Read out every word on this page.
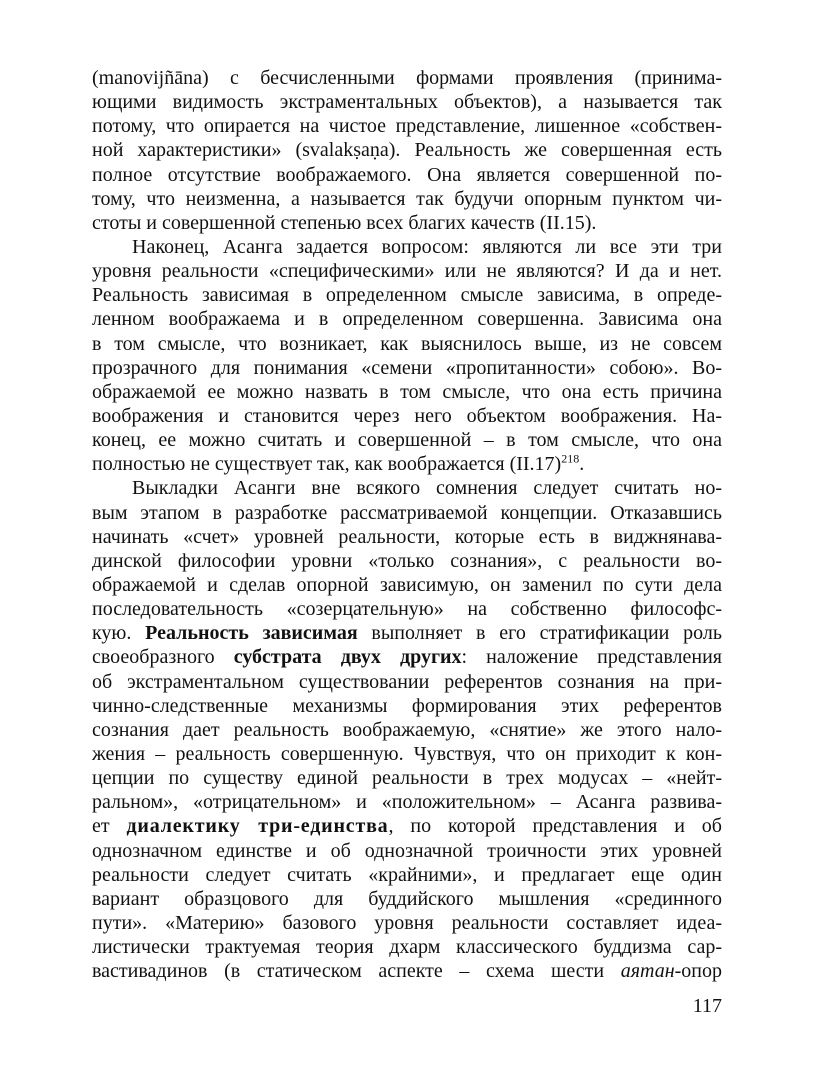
(manovijñāna) с бесчисленными формами проявления (принима-
ющими видимость экстраментальных объектов), а называется так
потому, что опирается на чистое представление, лишенное «собствен-
ной характеристики» (svalakṣaṇa). Реальность же совершенная есть
полное отсутствие воображаемого. Она является совершенной по-
тому, что неизменна, а называется так будучи опорным пунктом чи-
стоты и совершенной степенью всех благих качеств (II.15).
Наконец, Асанга задается вопросом: являются ли все эти три
уровня реальности «специфическими» или не являются? И да и нет.
Реальность зависимая в определенном смысле зависима, в опреде-
ленном воображаема и в определенном совершенна. Зависима она
в том смысле, что возникает, как выяснилось выше, из не совсем
прозрачного для понимания «семени «пропитанности» собою». Во-
ображаемой ее можно назвать в том смысле, что она есть причина
воображения и становится через него объектом воображения. На-
конец, ее можно считать и совершенной – в том смысле, что она
полностью не существует так, как воображается $(II.17)^{218}$.
Выкладки Асанги вне всякого сомнения следует считать но-
вым этапом в разработке рассматриваемой концепции. Отказавшись
начинать «счет» уровней реальности, которые есть в виджнянава-
динской философии уровни «только сознания», с реальности во-
ображаемой и сделав опорной зависимую, он заменил по сути дела
последовательность «созерцательную» на собственно философс-
кую. Реальность зависимая выполняет в его стратификации роль
своеобразного субстрата двух других: наложение представления
об экстраментальном существовании референтов сознания на при-
чинно-следственные механизмы формирования этих референтов
сознания дает реальность воображаемую, «снятие» же этого нало-
жения – реальность совершенную. Чувствуя, что он приходит к кон-
цепции по существу единой реальности в трех модусах – «нейт-
ральном», «отрицательном» и «положительном» – Асанга развива-
ет диалектику три-единства, по которой представления и об
однозначном единстве и об однозначной троичности этих уровней
реальности следует считать «крайними», и предлагает еще один
вариант образцового для буддийского мышления «срединного
пути». «Материю» базового уровня реальности составляет идеа-
листически трактуемая теория дхарм классического буддизма сар-
вастивадинов (в статическом аспекте – схема шести аятан-опор
117
